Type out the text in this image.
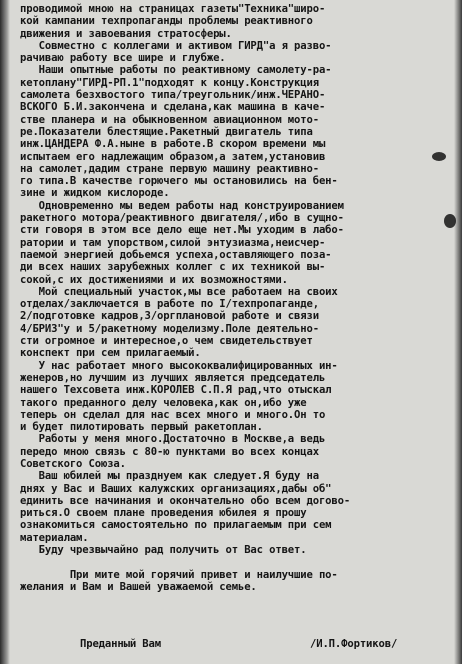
проводимой мною на страницах газеты"Техника"широ-
кой кампании техпропаганды проблемы реактивного
движения и завоевания стратосферы.
Совместно с коллегами и активом ГИРД"а я разво-
рачиваю работу все шире и глубже.
Наши опытные работы по реактивному самолету-ра-
кетоплану"ГИРД-РП.1"подходят к концу.Конструкция
самолета безхвостого типа/треугольник/инж.ЧЕРАНО-
ВСКОГО Б.И.закончена и сделана,как машина в каче-
стве планера и на обыкновенном авиационном мото-
ре.Показатели блестящие.Ракетный двигатель типа
инж.ЦАНДЕРА Ф.А.ныне в работе.В скором времени мы
испытаем его надлежащим образом,а затем,установив
на самолет,дадим стране первую машину реактивно-
го типа.В качестве горючего мы остановились на бен-
зине и жидком кислороде.
Одновременно мы ведем работы над конструированием
ракетного мотора/реактивного двигателя/,ибо в сущно-
сти говоря в этом все дело еще нет.Мы уходим в лабо-
ратории и там упорством,силой энтузиазма,неисчер-
паемой энергией добьемся успеха,оставляющего поза-
ди всех наших зарубежных коллег с их техникой вы-
сокой,с их достижениями и их возможностями.
Мой специальный участок,мы все работаем на своих
отделах/заключается в работе по I/техпропаганде,
2/подготовке кадров,3/оргплановой работе и связи
4/БРИЗ"у и 5/ракетному моделизму.Поле деятельно-
сти огромное и интересное,о чем свидетельствует
конспект при сем прилагаемый.
У нас работает много высококвалифицированных ин-
женеров,но лучшим из лучших является председатель
нашего Техсовета инж.КОРОЛЕВ С.П.Я рад,что отыскал
такого преданного делу человека,как он,ибо уже
теперь он сделал для нас всех много и много.Он то
и будет пилотировать первый ракетоплан.
Работы у меня много.Достаточно в Москве,а ведь
передо мною связь с 80-ю пунктами во всех концах
Советского Союза.
Ваш юбилей мы празднуем как следует.Я буду на
днях у Вас и Ваших калужских организациях,дабы об"
единить все начинания и окончательно обо всем догово-
риться.О своем плане проведения юбилея я прошу
ознакомиться самостоятельно по прилагаемым при сем
материалам.
Буду чрезвычайно рад получить от Вас ответ.
При мите мой горячий привет и наилучшие по-
желания и Вам и Вашей уважаемой семье.
Преданный Вам	/И.П.Фортиков/
